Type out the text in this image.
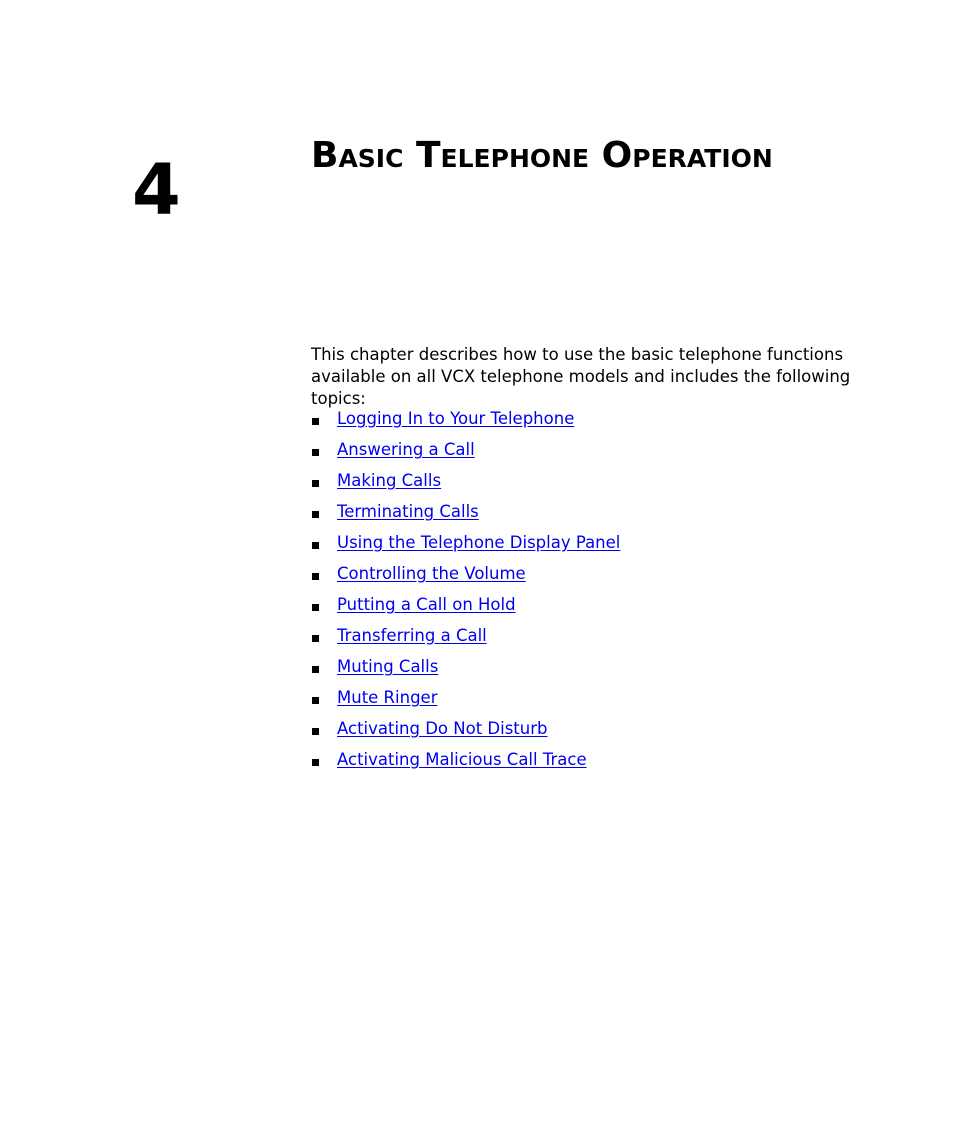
4	Basic Telephone Operation

This chapter describes how to use the basic telephone functions available on all VCX telephone models and includes the following topics:

Logging In to Your Telephone
Answering a Call
Making Calls
Terminating Calls
Using the Telephone Display Panel
Controlling the Volume
Putting a Call on Hold
Transferring a Call
Muting Calls
Mute Ringer
Activating Do Not Disturb
Activating Malicious Call Trace
